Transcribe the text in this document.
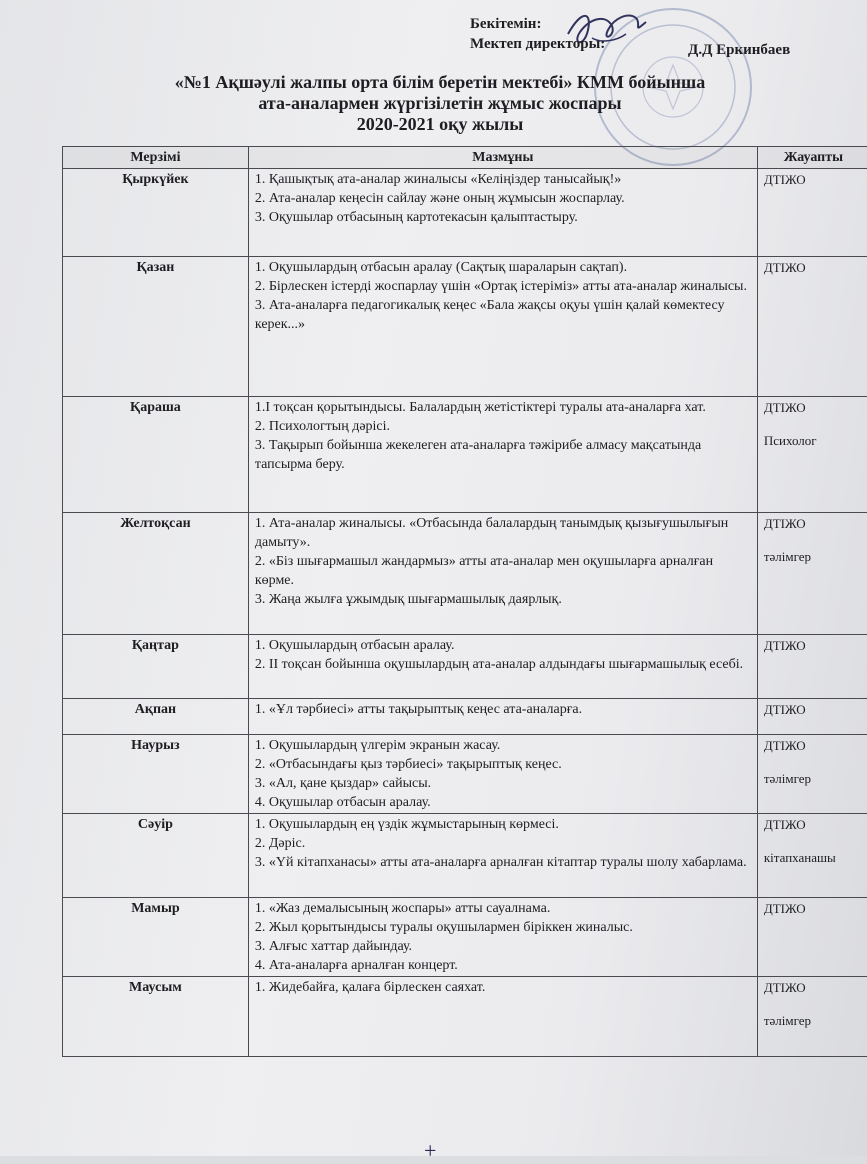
Бекітемін:
Мектеп директоры:	Д.Д Еркинбаев
«№1 Ақшәулі жалпы орта білім беретін мектебі» КММ бойынша
ата-аналармен жүргізілетін жұмыс жоспары
2020-2021 оқу жылы
Мерзімі	Мазмұны	Жауапты
Қыркүйек	1. Қашықтық ата-аналар жиналысы «Келіңіздер танысайық!»
2. Ата-аналар кеңесін сайлау және оның жұмысын жоспарлау.
3. Оқушылар отбасының картотекасын қалыптастыру.	ДТІЖО

Қазан	1. Оқушылардың отбасын аралау (Сақтық шараларын сақтап).
2. Бірлескен істерді жоспарлау үшін «Ортақ істеріміз» атты ата-аналар жиналысы.
3. Ата-аналарға педагогикалық кеңес «Бала жақсы оқуы үшін қалай көмектесу керек...»	ДТІЖО

Қараша	1.І тоқсан қорытындысы. Балалардың жетістіктері туралы ата-аналарға хат.
2. Психологтың дәрісі.
3. Тақырып бойынша жекелеген ата-аналарға тәжірибе алмасу мақсатында тапсырма беру.	ДТІЖО
Психолог

Желтоқсан	1. Ата-аналар жиналысы. «Отбасында балалардың танымдық қызығушылығын дамыту».
2. «Біз шығармашыл жандармыз» атты ата-аналар мен оқушыларға арналған көрме.
3. Жаңа жылға ұжымдық шығармашылық даярлық.	ДТІЖО
тәлімгер

Қаңтар	1. Оқушылардың отбасын аралау.
2. ІІ тоқсан бойынша оқушылардың ата-аналар алдындағы шығармашылық есебі.	ДТІЖО

Ақпан	1. «Ұл тәрбиесі» атты тақырыптық кеңес ата-аналарға.	ДТІЖО

Наурыз	1. Оқушылардың үлгерім экранын жасау.
2. «Отбасындағы қыз тәрбиесі» тақырыптық кеңес.
3. «Ал, қане қыздар» сайысы.
4. Оқушылар отбасын аралау.	ДТІЖО
тәлімгер

Сәуір	1. Оқушылардың ең үздік жұмыстарының көрмесі.
2. Дәріс.
3. «Үй кітапханасы» атты ата-аналарға арналған кітаптар туралы шолу хабарлама.	ДТІЖО
кітапханашы

Мамыр	1. «Жаз демалысының жоспары» атты сауалнама.
2. Жыл қорытындысы туралы оқушылармен біріккен жиналыс.
3. Алғыс хаттар дайындау.
4. Ата-аналарға арналған концерт.	ДТІЖО

Маусым	1. Жидебайға, қалаға бірлескен саяхат.	ДТІЖО
тәлімгер
+
